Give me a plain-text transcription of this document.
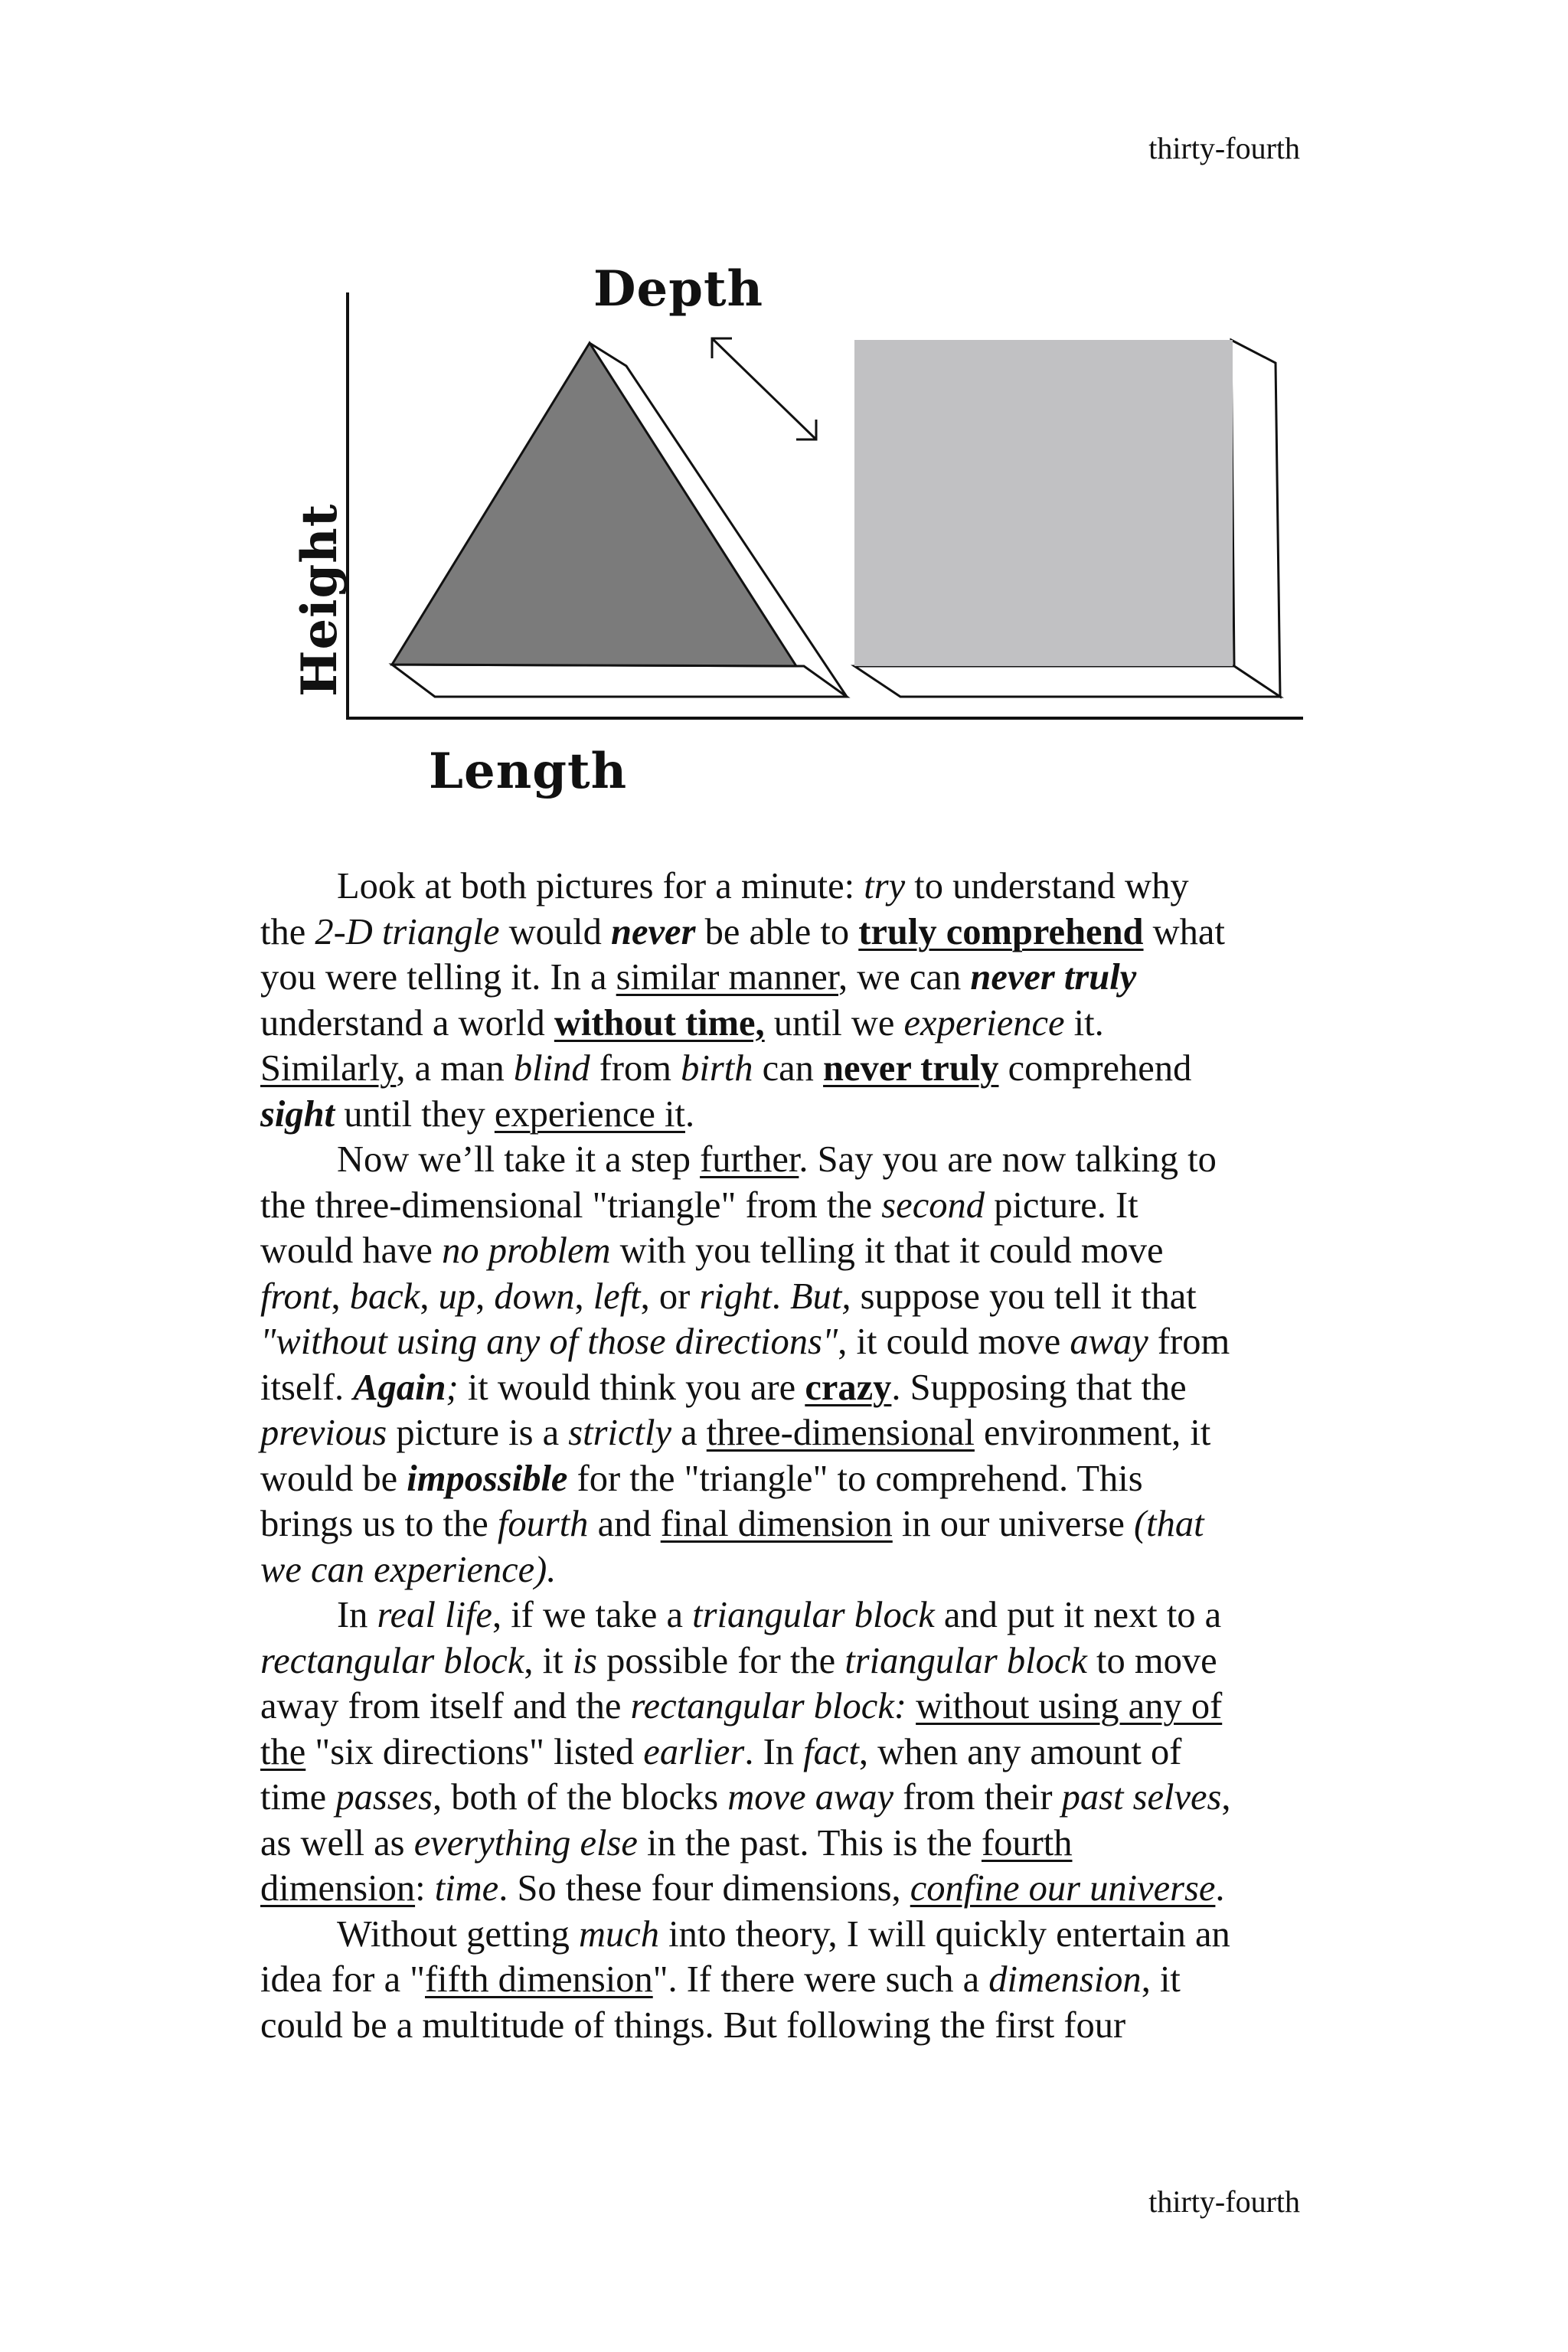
thirty-fourth
Depth
Length
Height
Look at both pictures for a minute: try to understand why
the 2-D triangle would never be able to truly comprehend what
you were telling it. In a similar manner, we can never truly
understand a world without time, until we experience it.
Similarly, a man blind from birth can never truly comprehend
sight until they experience it.
Now we’ll take it a step further. Say you are now talking to
the three-dimensional "triangle" from the second picture. It
would have no problem with you telling it that it could move
front, back, up, down, left, or right. But, suppose you tell it that
"without using any of those directions", it could move away from
itself. Again; it would think you are crazy. Supposing that the
previous picture is a strictly a three-dimensional environment, it
would be impossible for the "triangle" to comprehend. This
brings us to the fourth and final dimension in our universe (that
we can experience).
In real life, if we take a triangular block and put it next to a
rectangular block, it is possible for the triangular block to move
away from itself and the rectangular block: without using any of
the "six directions" listed earlier. In fact, when any amount of
time passes, both of the blocks move away from their past selves,
as well as everything else in the past. This is the fourth
dimension: time. So these four dimensions, confine our universe.
Without getting much into theory, I will quickly entertain an
idea for a "fifth dimension". If there were such a dimension, it
could be a multitude of things. But following the first four
thirty-fourth
